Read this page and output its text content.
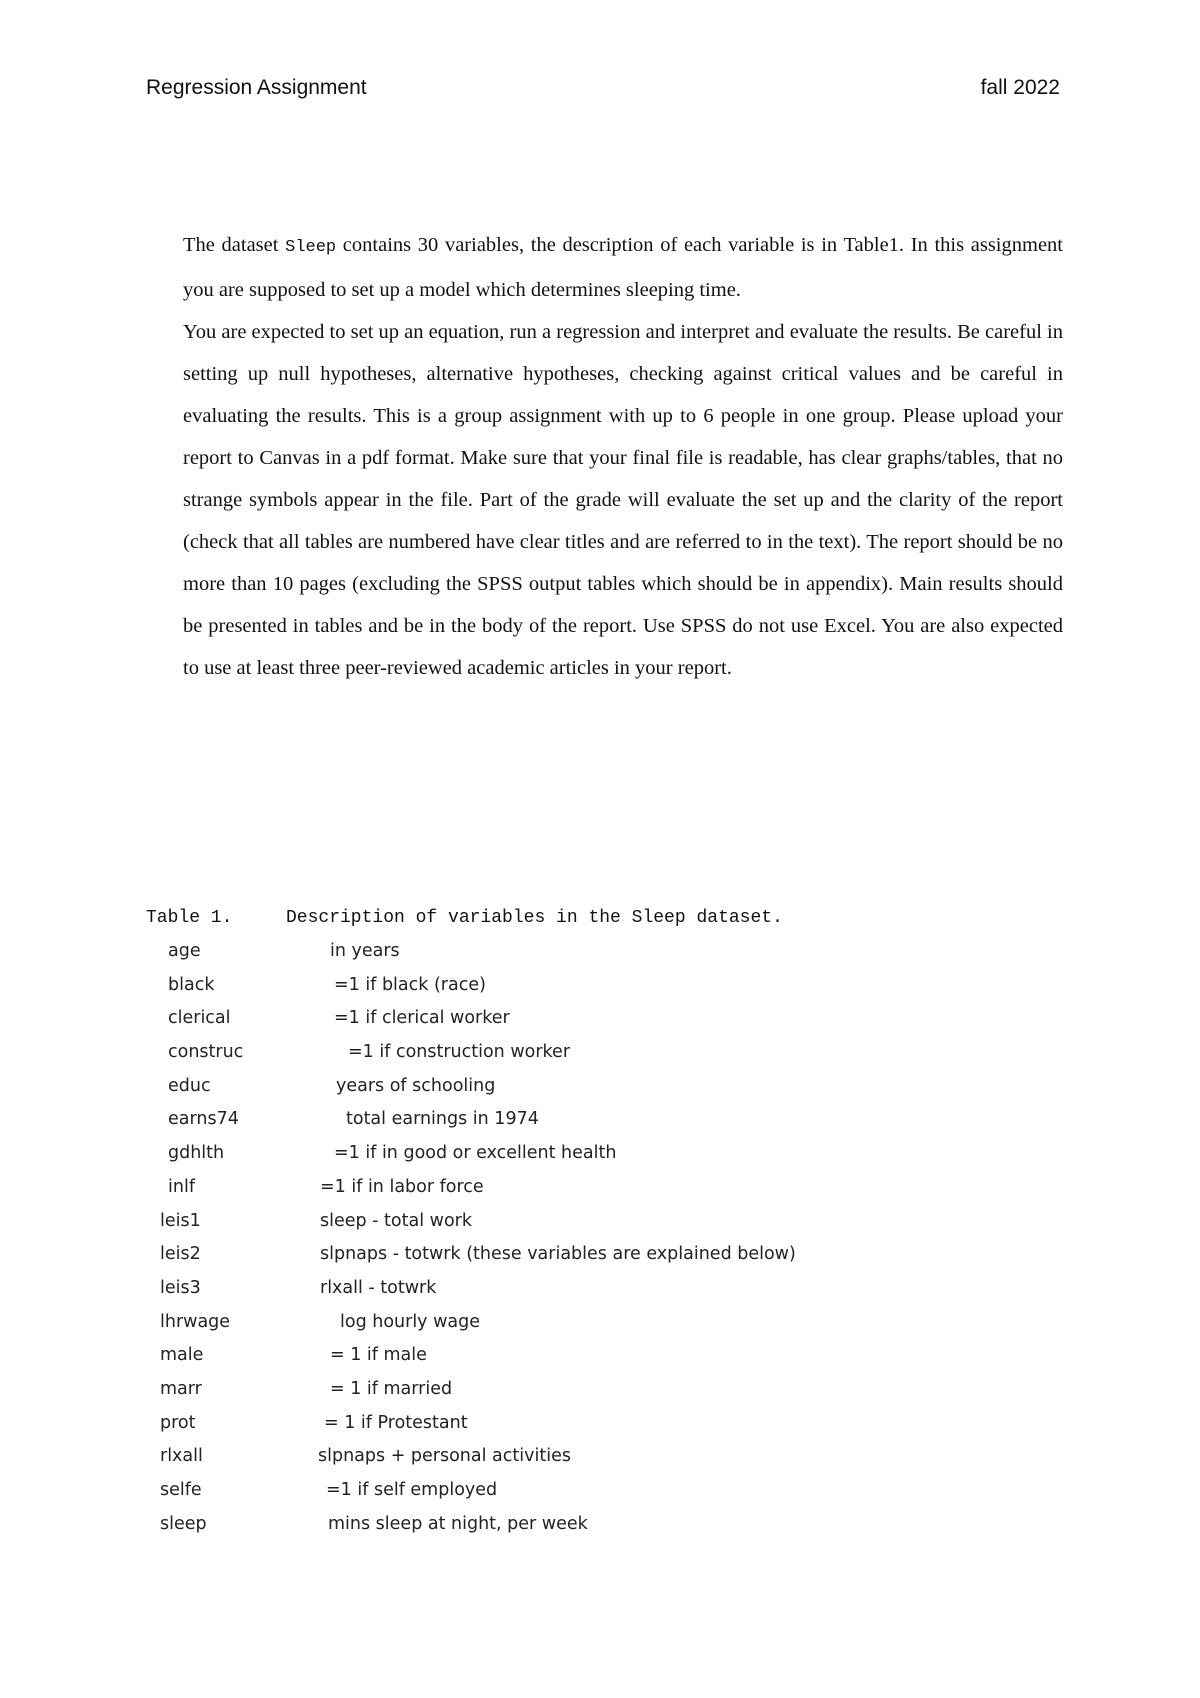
Regression Assignment	fall 2022

The dataset Sleep contains 30 variables, the description of each variable is in Table1. In this assignment you are supposed to set up a model which determines sleeping time.

You are expected to set up an equation, run a regression and interpret and evaluate the results. Be careful in setting up null hypotheses, alternative hypotheses, checking against critical values and be careful in evaluating the results. This is a group assignment with up to 6 people in one group. Please upload your report to Canvas in a pdf format. Make sure that your final file is readable, has clear graphs/tables, that no strange symbols appear in the file. Part of the grade will evaluate the set up and the clarity of the report (check that all tables are numbered have clear titles and are referred to in the text). The report should be no more than 10 pages (excluding the SPSS output tables which should be in appendix). Main results should be presented in tables and be in the body of the report. Use SPSS do not use Excel. You are also expected to use at least three peer-reviewed academic articles in your report.

Table 1.	Description of variables in the Sleep dataset.
age	in years
black	=1 if black (race)
clerical	=1 if clerical worker
construc	=1 if construction worker
educ	years of schooling
earns74	total earnings in 1974
gdhlth	=1 if in good or excellent health
inlf	=1 if in labor force
leis1	sleep - total work
leis2	slpnaps - totwrk (these variables are explained below)
leis3	rlxall - totwrk
lhrwage	log hourly wage
male	= 1 if male
marr	= 1 if married
prot	= 1 if Protestant
rlxall	slpnaps + personal activities
selfe	=1 if self employed
sleep	mins sleep at night, per week
